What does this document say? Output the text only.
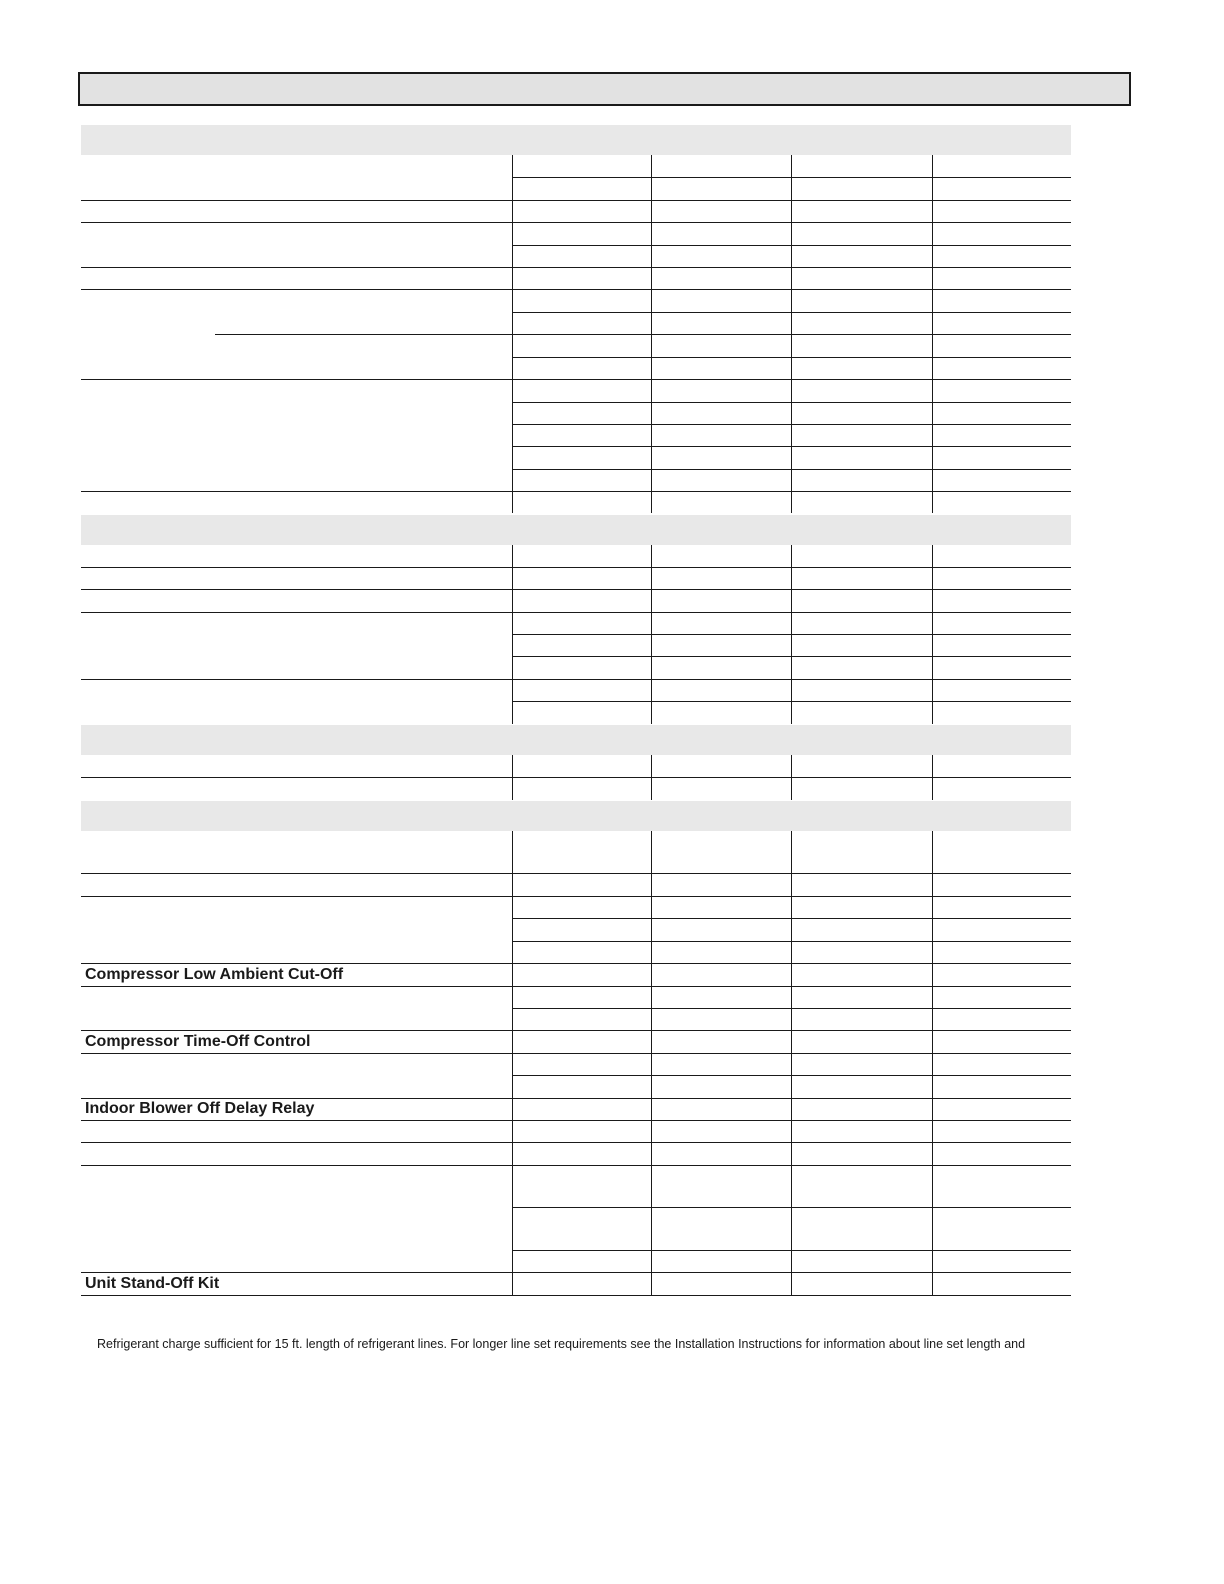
Compressor Low Ambient Cut-Off
Compressor Time-Off Control
Indoor Blower Off Delay Relay
Unit Stand-Off Kit
Refrigerant charge sufficient for 15 ft. length of refrigerant lines. For longer line set requirements see the Installation Instructions for information about line set length and
